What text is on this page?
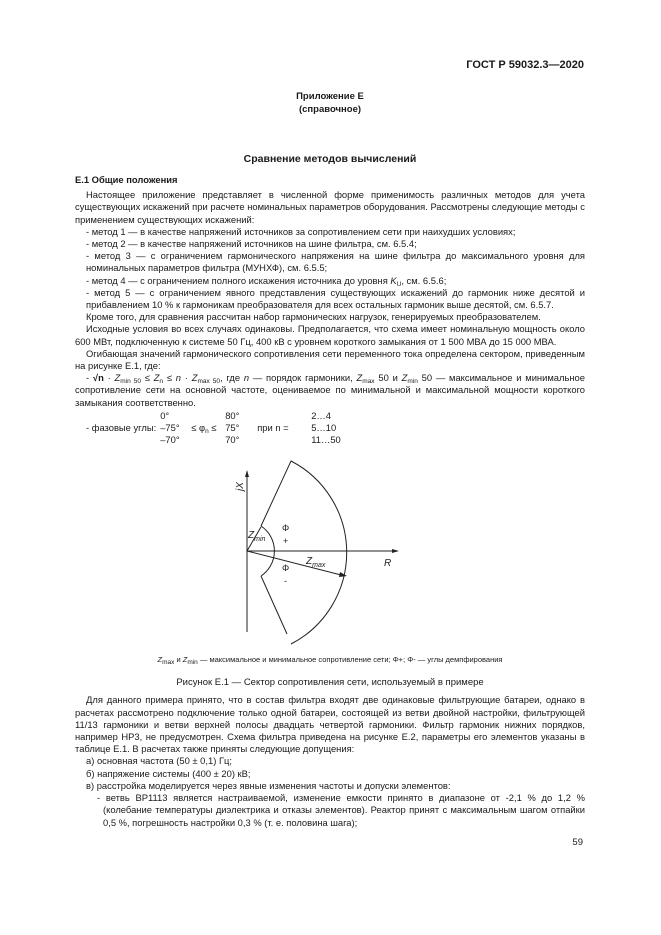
ГОСТ Р 59032.3—2020
Приложение Е
(справочное)
Сравнение методов вычислений

Е.1 Общие положения

Настоящее приложение представляет в численной форме применимость различных методов для учета существующих искажений при расчете номинальных параметров оборудования. Рассмотрены следующие методы с применением существующих искажений:

- метод 1 — в качестве напряжений источников за сопротивлением сети при наихудших условиях;

- метод 2 — в качестве напряжений источников на шине фильтра, см. 6.5.4;

- метод 3 — с ограничением гармонического напряжения на шине фильтра до максимального уровня для номинальных параметров фильтра (МУНХФ), см. 6.5.5;

- метод 4 — с ограничением полного искажения источника до уровня $K_U$, см. 6.5.6;

- метод 5 — с ограничением явного представления существующих искажений до гармоник ниже десятой и прибавлением 10 % к гармоникам преобразователя для всех остальных гармоник выше десятой, см. 6.5.7.

Кроме того, для сравнения рассчитан набор гармонических нагрузок, генерируемых преобразователем.

Исходные условия во всех случаях одинаковы. Предполагается, что схема имеет номинальную мощность около 600 МВт, подключенную к системе 50 Гц, 400 кВ с уровнем короткого замыкания от 1 500 МВА до 15 000 МВА.

Огибающая значений гармонического сопротивления сети переменного тока определена сектором, приведенным на рисунке Е.1, где:

- $√n \cdot Z_{min 50} \le Z_n \le n \cdot Z_{max 50}$, где n — порядок гармоники, $Z_{max}$ 50 и $Z_{min}$ 50 — максимальное и минимальное сопротивление сети на основной частоте, оцениваемое по минимальной и максимальной мощности короткого замыкания соответственно.

	0°		80°		2…4
- фазовые углы:	–75°	≤ $\varphi_n$ ≤	75°	при n =	5…10
	–70°		70°		11…50
jX
R
$Z_{min}$
$Z_{max}$
Φ
+
Φ
-
Zmax и Zmin — максимальное и минимальное сопротивление сети; Φ+; Φ- — углы демпфирования
Рисунок Е.1 — Сектор сопротивления сети, используемый в примере

Для данного примера принято, что в состав фильтра входят две одинаковые фильтрующие батареи, однако в расчетах рассмотрено подключение только одной батареи, состоящей из ветви двойной настройки, фильтрующей 11/13 гармоники и ветви верхней полосы двадцать четвертой гармоники. Фильтр гармоник нижних порядков, например НР3, не предусмотрен. Схема фильтра приведена на рисунке Е.2, параметры его элементов указаны в таблице Е.1. В расчетах также приняты следующие допущения:

а) основная частота (50 ± 0,1) Гц;

б) напряжение системы (400 ± 20) кВ;

в) расстройка моделируется через явные изменения частоты и допуски элементов:

- ветвь ВР1113 является настраиваемой, изменение емкости принято в диапазоне от -2,1 % до 1,2 % (колебание температуры диэлектрика и отказы элементов). Реактор принят с максимальным шагом отпайки 0,5 %, погрешность настройки 0,3 % (т. е. половина шага);

59
